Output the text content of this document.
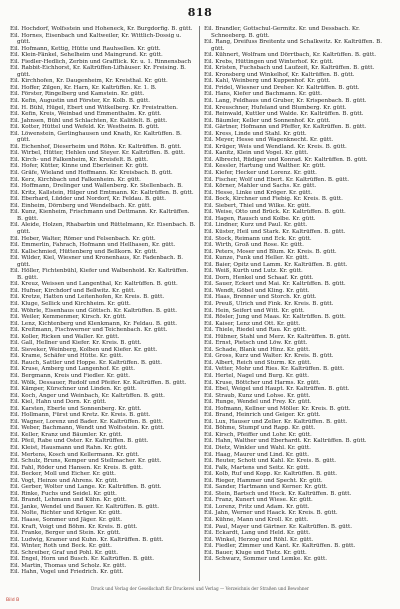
818
Eil. Hochdorf, Wolfsstein und Hoheneck, Kr. Burgdorfig. B. gütt.
Eil. Hornes, Eisenbach und Kaltweiler, Kr. Wittlich-Dossig u. gütt.
Eil. Hofmann, Kettig, Hütte und Rauhsellen. Kr. gütt.
Eil. Klein-Fänkel, Sehelheim und Maingrund. Kr. gütt.
Eil. Fiedler-Hedlich, Zerbin und Grafflick. Kr. u. 1. Rinnensbach
Eil. Rabbit-Eichhorst, Kr. Kaltrüffen-Lifhäuser. Kr. Freising. B. gütt.
Eil. Kirchhofen, Kr. Daugenheim, Kr. Kreisthal. Kr. gütt.
Eil. Hoffer, Zilgen, Kr. Harn, Kr. Kaltrüffen. Kr. 1. B.
Eil. Förster, Ringelberg und Kamstein. Kr. gütt.
Eil. Kefin, Augustin und Förster, Kr. Kolb. B. gütt.
Eil. H. Bühl, Hügel, Ebert und Witkelberg. Kr. Freistratten.
Eil. Kefin, Kreis, Weinbad und Emmenthalm. Kr. gütt.
Eil. Jahnsen, Bühl und Schlachten, Kr. Kalitfelt. B. gütt.
Eil. Kotter, Hüttel und Wefeld. Kr. Westheim. B. gütt.
Eil. Löwenstein, Gerlinghausen und Knath, Kr. Kaltrüffen. B. gütt.
Eil. Eichenhof, Dieserheim und Röhn. Kr. Kaltrüffen. B. gütt.
Eil. Wirbel, Hütter, Hehlen und Steyer. Kr. Kaltrüffen. B. gütt.
Eil. Kirch- und Falkenheim, Kr. Kreisfelt. B. gütt.
Eil. Hofer, Kütter, Kinne und Eberleiner. Kr. gütt.
Eil. Gräfe, Wieland und Hoffmann. Kr. Kreisbach. B. gütt.
Eil. Kerz, Kirchbach und Falkenheim. Kr. gütt.
Eil. Hoffmann, Drelinger und Wallenberg. Kr. Stellenbach. B.
Eil. Kritz, Kallstein, Hilger und Emtmann. Kr. Kaltrüffen. B. gütt.
Eil. Eberhard, Lüdder und Nordorf, Kr. Feldau. B. gütt.
Eil. Einheim, Dörnberg und Wendelbach. Kr. gütt.
Eil. Kunz, Kienheim, Frischmann und Dettmann. Kr. Kaltrüffen. B. gütt.
Eil. Aleide, Holzen, Rhabarbin und Rüttelmann, Kr. Eisenbach. B. gütt.
Eil. Heber, Walter, Römer und Felsenbach. Kr. gütt.
Eil. Emmerlin, Fahrach, Hofmann und Hellhasen, Kr. gütt.
Eil. Kallschmied, Hüttenberg und Bellkorn. Kr. gütt.
Eil. Wilder, Kiel, Wiesner und Kronenhaus, Kr. Fadenbach. B. gütt.
Eil. Höller, Fichtenbühl, Kiefer und Walbenhold. Kr. Kaltrüffen. B. gütt.
Eil. Kreuz, Weissen und Langenthal, Kr. Kaltrüffen. B. gütt.
Eil. Hufner, Kirchdorf und Bellwitz. Kr. gütt.
Eil. Kretze, Hatten und Leitenhofen, Kr. Kreis. B. gütt.
Eil. Kluge, Sellick und Kirchheim. Kr. gütt.
Eil. Wöhrle, Eisenhaus und Göttsch. Kr. Kaltrüffen. B. gütt.
Eil. Weiler, Kemmenmer, Kirsch. Kr. gütt.
Eil. Lenz, Kichtenberg und Klenkmann, Kr. Feldau. B. gütt.
Eil. Kreitmann, Fischwerner und Teichenbach. Kr. gütt.
Eil. Koller, Ricken und Waller. Kr. gütt.
Eil. Gall, Hellner und Kiefer. Kr. Kreis. B. gütt.
Eil. Sieveker, Weinberg, Kolben und Kiefer. Kr. gütt.
Eil. Krame, Schäfer und Hütte. Kr. gütt.
Eil. Rauch, Sattler und Hoppe. Kr. Kaltrüffen. B. gütt.
Eil. Kruse, Amberg und Langenhof. Kr. gütt.
Eil. Bergmann, Kreis und Fiedler. Kr. gütt.
Eil. Wölk, Dessauer, Rudolf und Pfeifer. Kr. Kaltrüffen. B. gütt.
Eil. Kämper, Kürschner und Linden. Kr. gütt.
Eil. Koch, Anger und Weinbach, Kr. Kaltrüffen. B. gütt.
Eil. Kiel, Hahn und Dorn. Kr. gütt.
Eil. Karsten, Eberle und Sonnenberg. Kr. gütt.
Eil. Hollmann, Fürst und Kretz. Kr. Kreis. B. gütt.
Eil. Wagner, Lorenz und Bader. Kr. Kaltrüffen. B. gütt.
Eil. Weber, Bachmann, Wendt und Wolfsstein. Kr. gütt.
Eil. Keller, Kranz und Bäumler. Kr. gütt.
Eil. Pfeil, Rabe und Oster. Kr. Kaltrüffen. B. gütt.
Eil. Kleist, Hausmann und Rahn. Kr. gütt.
Eil. Mertens, Kosch und Kellermann. Kr. gütt.
Eil. Schulz, Bruns, Kemper und Stellmacher. Kr. gütt.
Eil. Fahl, Röder und Hansen. Kr. Kreis. B. gütt.
Eil. Becker, Moll und Eicher. Kr. gütt.
Eil. Vogt, Heinze und Ahrens. Kr. gütt.
Eil. Gerber, Wolter und Lange. Kr. Kaltrüffen. B. gütt.
Eil. Rinke, Fuchs und Seidel. Kr. gütt.
Eil. Brandt, Lehmann und Kühn. Kr. gütt.
Eil. Janke, Wendel und Bauer. Kr. Kaltrüffen. B. gütt.
Eil. Nolte, Richter und Krüger. Kr. gütt.
Eil. Haase, Sommer und Jäger. Kr. gütt.
Eil. Kraft, Voigt und Böhm. Kr. Kreis. B. gütt.
Eil. Franke, Berger und Stein. Kr. gütt.
Eil. Ludwig, Kramer und Kuhn. Kr. Kaltrüffen. B. gütt.
Eil. Winter, Roth und Beck. Kr. gütt.
Eil. Schreiber, Graf und Pohl. Kr. gütt.
Eil. Engel, Horn und Busch. Kr. Kaltrüffen. B. gütt.
Eil. Martin, Thomas und Scholz. Kr. gütt.
Eil. Hahn, Vogel und Friedrich. Kr. gütt.
Eil. Brandler, Gottschul-Germitz. Kr. und Dessbach. Kr. Schneeberg. B. gütt.
Eil. Rang, Dreifuss Breitentz und Schalkwitz. Kr. Kaltrüffen. B. gütt.
Eil. Kühnert, Wolfram und Dörrtbach, Kr. Kaltrüffen. B. gütt.
Eil. Krebs, Hüttingen und Winterhof. Kr. gütt.
Eil. Kristen, Fuchsbach und Laufzeit, Kr. Kaltrüffen. B. gütt.
Eil. Kronsberg und Winkelhof, Kr. Kaltrüffen. B. gütt.
Eil. Kahl, Weinberg und Kuppenhof. Kr. gütt.
Eil. Fridel, Wiesner und Dreher. Kr. Kaltrüffen. B. gütt.
Eil. Hans, Kiefer und Bachmann. Kr. gütt.
Eil. Lang, Feldhaus und Gruber, Kr. Krispenbach. B. gütt.
Eil. Kreuschner, Hufeland und Blumberg. Kr. gütt.
Eil. Reinwald, Kuttler und Walde. Kr. Kaltrüffen. B. gütt.
Eil. Bäumler, Keller und Sonnenhof. Kr. gütt.
Eil. Gärtner, Hofmann und Pfeffer, Kr. Kaltrüffen. B. gütt.
Eil. Kress, Linde und Stahl. Kr. gütt.
Eil. Meyer, Hesse und Wagenknecht. Kr. gütt.
Eil. Krüger, Weis und Wendland. Kr. Kreis. B. gütt.
Eil. Kanitz, Klein und Vogel. Kr. gütt.
Eil. Albrecht, Rüdiger und Konrad. Kr. Kaltrüffen. B. gütt.
Eil. Kessler, Hartung und Walther. Kr. gütt.
Eil. Kiefer, Hecker und Lorenz. Kr. gütt.
Eil. Fischer, Wolf und Ebert. Kr. Kaltrüffen. B. gütt.
Eil. Körner, Mahler und Sachs. Kr. gütt.
Eil. Hesse, Linke und Kröger. Kr. gütt.
Eil. Bock, Kirchner und Fiebig. Kr. Kreis. B. gütt.
Eil. Siebert, Thiel und Wilke. Kr. gütt.
Eil. Weise, Otto und Brück. Kr. Kaltrüffen. B. gütt.
Eil. Hagen, Rausch und Kolbe. Kr. gütt.
Eil. Lindner, Kurz und Paul. Kr. gütt.
Eil. Küster, Heil und Stark. Kr. Kaltrüffen. B. gütt.
Eil. Stock, Reimann und Eck. Kr. gütt.
Eil. Wirth, Groß und Rose. Kr. gütt.
Eil. Peters, Moser und Blum. Kr. Kreis. B. gütt.
Eil. Kunze, Funk und Heller. Kr. gütt.
Eil. Baier, Opitz und Lamm. Kr. Kaltrüffen. B. gütt.
Eil. Weiß, Kurth und Lutz. Kr. gütt.
Eil. Dorn, Henkel und Schaaf. Kr. gütt.
Eil. Sauer, Eckert und Mai. Kr. Kaltrüffen. B. gütt.
Eil. Wendt, Göbel und Kling. Kr. gütt.
Eil. Haas, Brenner und Storch. Kr. gütt.
Eil. Preuß, Ulrich und Fink. Kr. Kreis. B. gütt.
Eil. Hein, Seifert und Witt. Kr. gütt.
Eil. Rösler, Jung und Maas. Kr. Kaltrüffen. B. gütt.
Eil. Kaiser, Lenz und Ott. Kr. gütt.
Eil. Thiele, Riedel und Rau. Kr. gütt.
Eil. Hübner, Stahl und Merz. Kr. Kaltrüffen. B. gütt.
Eil. Ernst, Pietsch und Löw. Kr. gütt.
Eil. Schade, Blank und Hinz. Kr. gütt.
Eil. Gross, Kurz und Walter. Kr. Kreis. B. gütt.
Eil. Albert, Reich und Sturm. Kr. gütt.
Eil. Vetter, Mohr und Ries. Kr. Kaltrüffen. B. gütt.
Eil. Hertel, Nagel und Burg. Kr. gütt.
Eil. Kruse, Böttcher und Harms. Kr. gütt.
Eil. Ebel, Weigel und Haupt. Kr. Kaltrüffen. B. gütt.
Eil. Straub, Kunz und Lohse. Kr. gütt.
Eil. Runge, Wendel und Frey. Kr. gütt.
Eil. Hofmann, Kellner und Möller. Kr. Kreis. B. gütt.
Eil. Brand, Heinrich und Geiger. Kr. gütt.
Eil. Lux, Hauser und Zeller. Kr. Kaltrüffen. B. gütt.
Eil. Böhme, Stumpf und Rapp. Kr. gütt.
Eil. Kirsch, Pfeiffer und Lohr. Kr. gütt.
Eil. Hahn, Walther und Eberhardt. Kr. Kaltrüffen. B. gütt.
Eil. Dietz, Winkler und Wahl. Kr. gütt.
Eil. Haag, Maurer und Lind. Kr. gütt.
Eil. Reuter, Schott und Kahl. Kr. Kreis. B. gütt.
Eil. Falk, Martens und Seitz. Kr. gütt.
Eil. Kolb, Ruf und Kopp. Kr. Kaltrüffen. B. gütt.
Eil. Rieger, Hammer und Specht. Kr. gütt.
Eil. Sander, Hartmann und Kerner. Kr. gütt.
Eil. Stein, Bartsch und Heck. Kr. Kaltrüffen. B. gütt.
Eil. Franz, Kunert und Wiese. Kr. gütt.
Eil. Lorenz, Fritz und Adam. Kr. gütt.
Eil. Jahn, Werner und Haack. Kr. Kreis. B. gütt.
Eil. Kühne, Mann und Kroll. Kr. gütt.
Eil. Paul, Mayer und Gärtner. Kr. Kaltrüffen. B. gütt.
Eil. Eckardt, Lang und Held. Kr. gütt.
Eil. Winkel, Herzog und Röhl. Kr. gütt.
Eil. Fiedler, Zimmer und Kant. Kr. Kaltrüffen. B. gütt.
Eil. Bauer, Kluge und Tietz. Kr. gütt.
Eil. Schwarz, Sommer und Lemke. Kr. gütt.
Druck und Verlag der Gesellschaft für Druckerei und Verlag — Verzeichnis der Straßen und Bewohner
Bild B
